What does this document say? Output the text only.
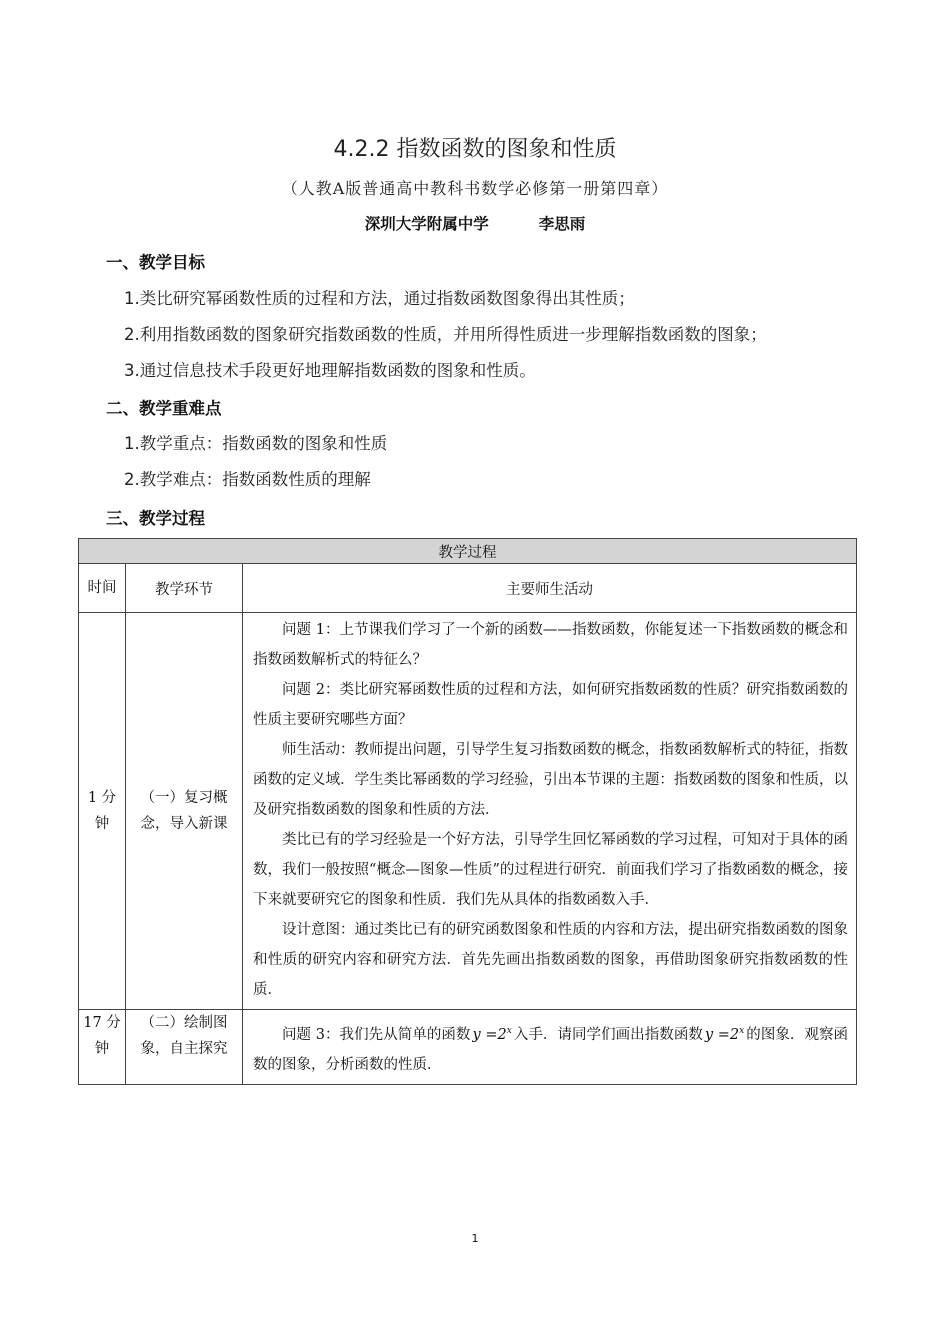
4.2.2 指数函数的图象和性质
（人教A版普通高中教科书数学必修第一册第四章）
深圳大学附属中学	李思雨
一、教学目标
1.类比研究幂函数性质的过程和方法，通过指数函数图象得出其性质；
2.利用指数函数的图象研究指数函数的性质，并用所得性质进一步理解指数函数的图象；
3.通过信息技术手段更好地理解指数函数的图象和性质。
二、教学重难点
1.教学重点：指数函数的图象和性质
2.教学难点：指数函数性质的理解
三、教学过程
教学过程		
时间	教学环节	主要师生活动
1 分钟	（一）复习概念，导入新课	问题 1：上节课我们学习了一个新的函数——指数函数，你能复述一下指数函数的概念和指数函数解析式的特征么？

问题 2：类比研究幂函数性质的过程和方法，如何研究指数函数的性质？研究指数函数的性质主要研究哪些方面？

师生活动：教师提出问题，引导学生复习指数函数的概念，指数函数解析式的特征，指数函数的定义域．学生类比幂函数的学习经验，引出本节课的主题：指数函数的图象和性质，以及研究指数函数的图象和性质的方法．

类比已有的学习经验是一个好方法，引导学生回忆幂函数的学习过程，可知对于具体的函数，我们一般按照“概念—图象—性质”的过程进行研究．前面我们学习了指数函数的概念，接下来就要研究它的图象和性质．我们先从具体的指数函数入手．

设计意图：通过类比已有的研究函数图象和性质的内容和方法，提出研究指数函数的图象和性质的研究内容和研究方法．首先先画出指数函数的图象，再借助图象研究指数函数的性质．

17 分钟	（二）绘制图象，自主探究	问题 3：我们先从简单的函数 $y =2^x$ 入手．请同学们画出指数函数 $y =2^x$ 的图象．观察函数的图象，分析函数的性质．

1
